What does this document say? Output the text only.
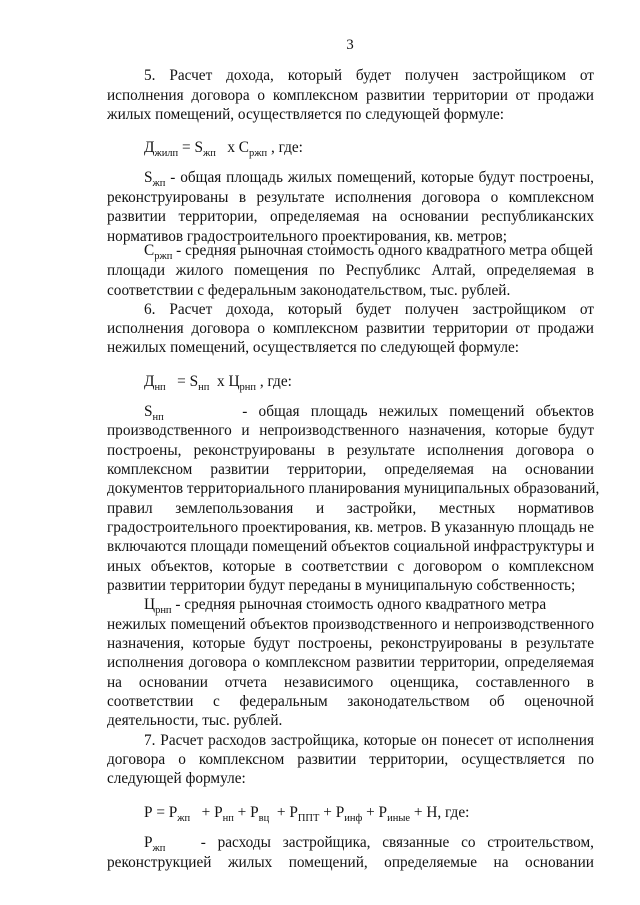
3
5. Расчет дохода, который будет получен застройщиком от
исполнения договора о комплексном развитии территории от продажи
жилых помещений, осуществляется по следующей формуле:
$Д_{жилп} = S_{жп}$   х $С_{ржп}$ , где:
$S_{жп}$ - общая площадь жилых помещений, которые будут построены,
реконструированы в результате исполнения договора о комплексном
развитии территории, определяемая на основании республиканских
нормативов градостроительного проектирования, кв. метров;
$С_{ржп}$ - средняя рыночная стоимость одного квадратного метра общей
площади жилого помещения по Республикс Алтай, определяемая в
соответствии с федеральным законодательством, тыс. рублей.
6. Расчет дохода, который будет получен застройщиком от
исполнения договора о комплексном развитии территории от продажи
нежилых помещений, осуществляется по следующей формуле:
$Д_{нп} = S_{нп}$  х $Ц_{рнп}$ , где:
$S_{нп}$	- общая площадь нежилых помещений объектов
производственного и непроизводственного назначения, которые будут
построены, реконструированы в результате исполнения договора о
комплексном развитии территории, определяемая на основании
документов территориального планирования муниципальных образований,
правил землепользования и застройки, местных нормативов
градостроительного проектирования, кв. метров. В указанную площадь не
включаются площади помещений объектов социальной инфраструктуры и
иных объектов, которые в соответствии с договором о комплексном
развитии территории будут переданы в муниципальную собственность;
$Ц_{рнп}$ - средняя рыночная стоимость одного квадратного метра
нежилых помещений объектов производственного и непроизводственного
назначения, которые будут построены, реконструированы в результате
исполнения договора о комплексном развитии территории, определяемая
на основании отчета независимого оценщика, составленного в
соответствии с федеральным законодательством об оценочной
деятельности, тыс. рублей.
7. Расчет расходов застройщика, которые он понесет от исполнения
договора о комплексном развитии территории, осуществляется по
следующей формуле:
$Р = Р_{жп} + Р_{нп} + Р_{вц} + Р_{ППТ} + Р_{инф} + Р_{иные} + Н$, где:
$Р_{жп}$ - расходы застройщика, связанные со строительством,
реконструкцией жилых помещений, определяемые на основании
